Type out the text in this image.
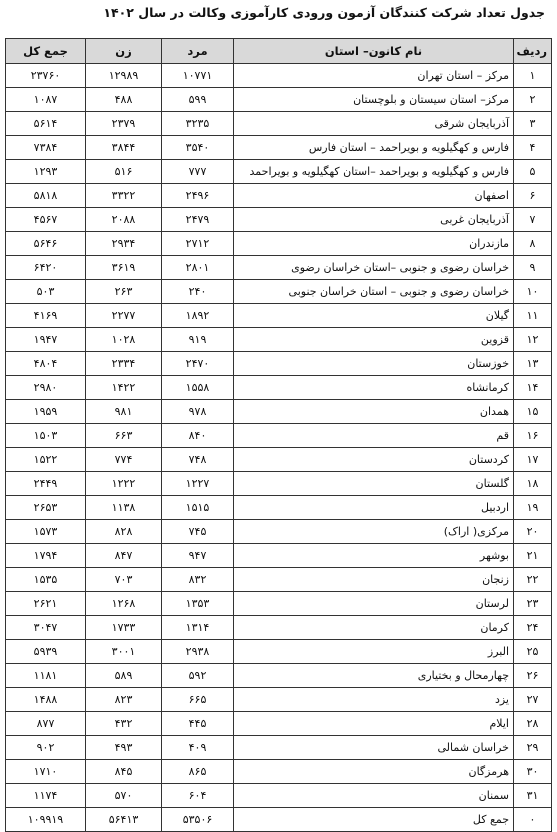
جدول تعداد شرکت کنندگان آزمون ورودی کارآموزی وکالت در سال ۱۴۰۲
ردیف	نام کانون– استان	مرد	زن	جمع کل
۱	مرکز – استان تهران	۱۰۷۷۱	۱۲۹۸۹	۲۳۷۶۰
۲	مرکز– استان سیستان و بلوچستان	۵۹۹	۴۸۸	۱۰۸۷
۳	آذربایجان شرقی	۳۲۳۵	۲۳۷۹	۵۶۱۴
۴	فارس و کهگیلویه و بویراحمد – استان فارس	۳۵۴۰	۳۸۴۴	۷۳۸۴
۵	فارس و کهگیلویه و بویراحمد –استان کهگیلویه و بویراحمد	۷۷۷	۵۱۶	۱۲۹۳
۶	اصفهان	۲۴۹۶	۳۳۲۲	۵۸۱۸
۷	آذربایجان غربی	۲۴۷۹	۲۰۸۸	۴۵۶۷
۸	مازندران	۲۷۱۲	۲۹۳۴	۵۶۴۶
۹	خراسان رضوی و جنوبی –استان خراسان رضوی	۲۸۰۱	۳۶۱۹	۶۴۲۰
۱۰	خراسان رضوی و جنوبی – استان خراسان جنوبی	۲۴۰	۲۶۳	۵۰۳
۱۱	گیلان	۱۸۹۲	۲۲۷۷	۴۱۶۹
۱۲	قزوین	۹۱۹	۱۰۲۸	۱۹۴۷
۱۳	خوزستان	۲۴۷۰	۲۳۳۴	۴۸۰۴
۱۴	کرمانشاه	۱۵۵۸	۱۴۲۲	۲۹۸۰
۱۵	همدان	۹۷۸	۹۸۱	۱۹۵۹
۱۶	قم	۸۴۰	۶۶۳	۱۵۰۳
۱۷	کردستان	۷۴۸	۷۷۴	۱۵۲۲
۱۸	گلستان	۱۲۲۷	۱۲۲۲	۲۴۴۹
۱۹	اردبیل	۱۵۱۵	۱۱۳۸	۲۶۵۳
۲۰	مرکزی( اراک)	۷۴۵	۸۲۸	۱۵۷۳
۲۱	بوشهر	۹۴۷	۸۴۷	۱۷۹۴
۲۲	زنجان	۸۳۲	۷۰۳	۱۵۳۵
۲۳	لرستان	۱۳۵۳	۱۲۶۸	۲۶۲۱
۲۴	کرمان	۱۳۱۴	۱۷۳۳	۳۰۴۷
۲۵	البرز	۲۹۳۸	۳۰۰۱	۵۹۳۹
۲۶	چهارمحال و بختیاری	۵۹۲	۵۸۹	۱۱۸۱
۲۷	یزد	۶۶۵	۸۲۳	۱۴۸۸
۲۸	ایلام	۴۴۵	۴۳۲	۸۷۷
۲۹	خراسان شمالی	۴۰۹	۴۹۳	۹۰۲
۳۰	هرمزگان	۸۶۵	۸۴۵	۱۷۱۰
۳۱	سمنان	۶۰۴	۵۷۰	۱۱۷۴
۰	جمع کل	۵۳۵۰۶	۵۶۴۱۳	۱۰۹۹۱۹
